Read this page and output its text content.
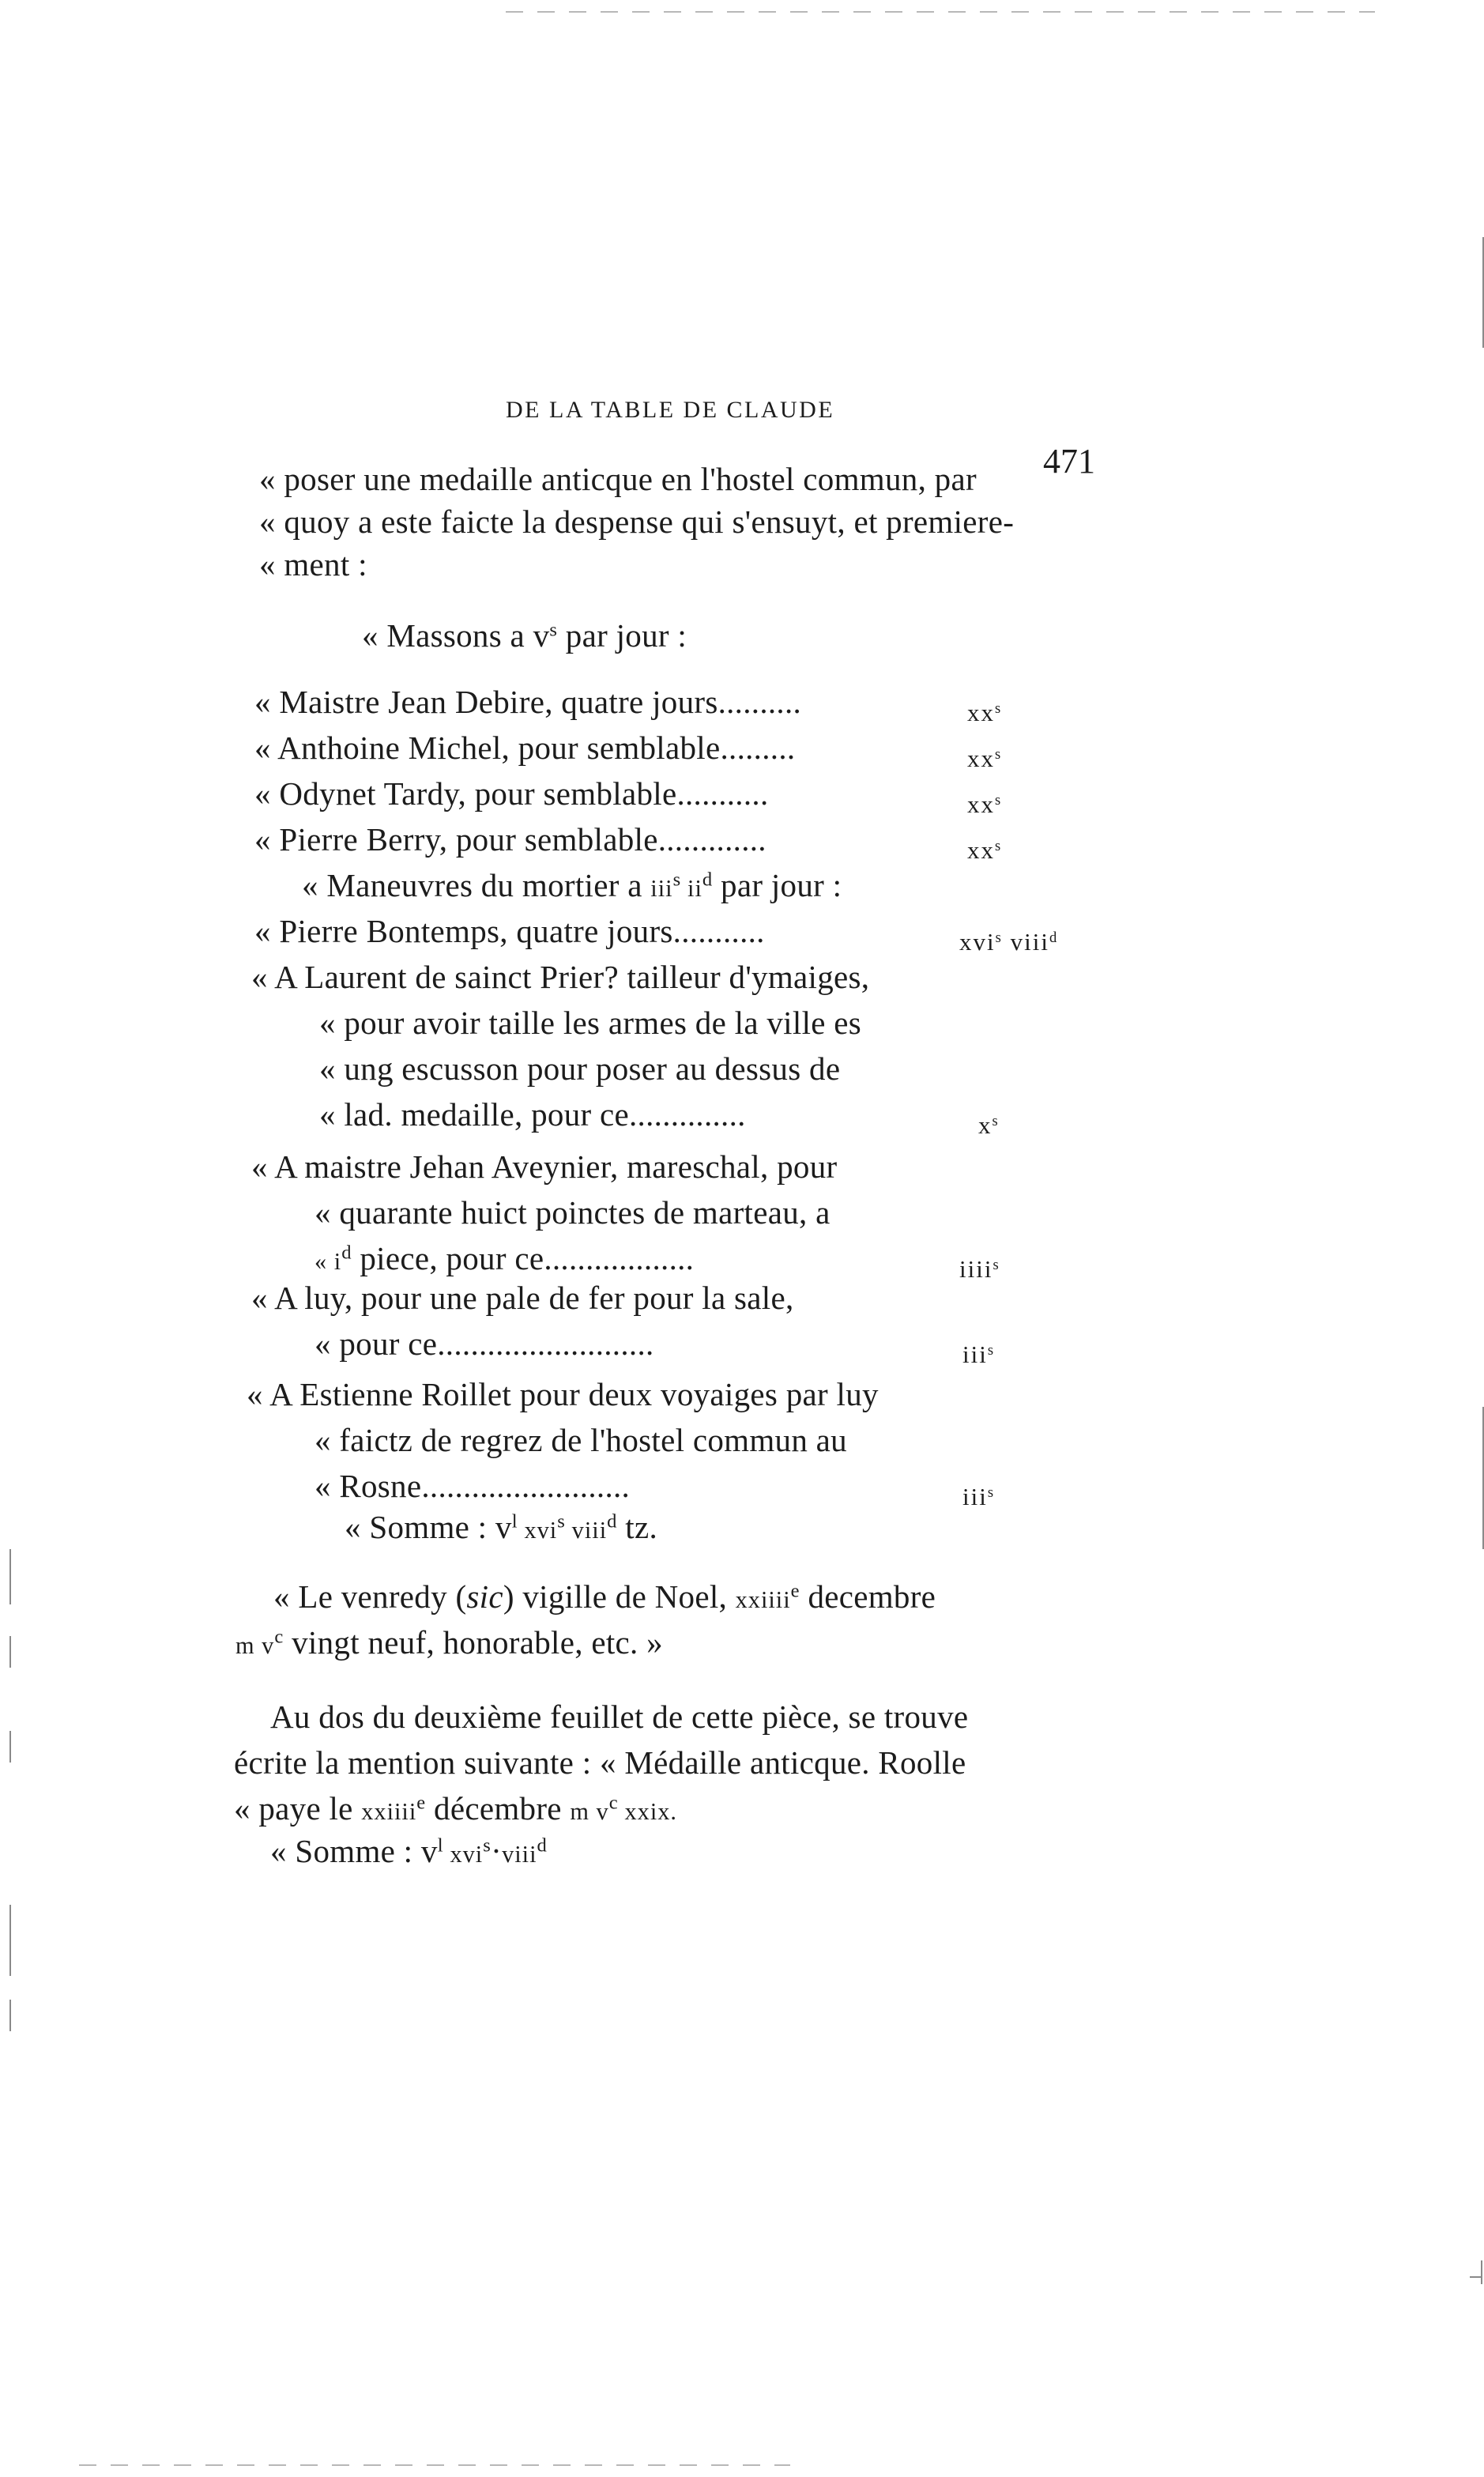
DE LA TABLE DE CLAUDE
471
« poser une medaille anticque en l'hostel commun, par
« quoy a este faicte la despense qui s'ensuyt, et premiere-
« ment :
« Massons a $v^s$ par jour :
« Maistre Jean Debire, quatre jours..........	$xx^s$
« Anthoine Michel, pour semblable.........	$xx^s$
« Odynet Tardy, pour semblable...........	$xx^s$
« Pierre Berry, pour semblable.............	$xx^s$
« Maneuvres du mortier a iii$^s$ $ii^d$ par jour :
« Pierre Bontemps, quatre jours...........	xvi$^s$ viii$^d$
« A Laurent de sainct Prier? tailleur d'ymaiges,
« pour avoir taille les armes de la ville es
« ung escusson pour poser au dessus de
« lad. medaille, pour ce..............	$x^s$
« A maistre Jehan Aveynier, mareschal, pour
« quarante huict poinctes de marteau, a
« $i^d$ piece, pour ce..................	iiii$^s$
« A luy, pour une pale de fer pour la sale,
« pour ce..........................	iii$^s$
« A Estienne Roillet pour deux voyaiges par luy
« faictz de regrez de l'hostel commun au
« Rosne.........................	iii$^s$
« Somme : $v^l$ xvi$^s$ viii$^d$ tz.
« Le venredy (sic) vigille de Noel, xxiiii$^e$ decembre
m $v^c$ vingt neuf, honorable, etc. »
Au dos du deuxième feuillet de cette pièce, se trouve
écrite la mention suivante : « Médaille anticque. Roolle
« paye le xxiiii$^e$ décembre m $v^c$ xxix.
« Somme : $v^l$ xvi$^s$·viii$^d$
